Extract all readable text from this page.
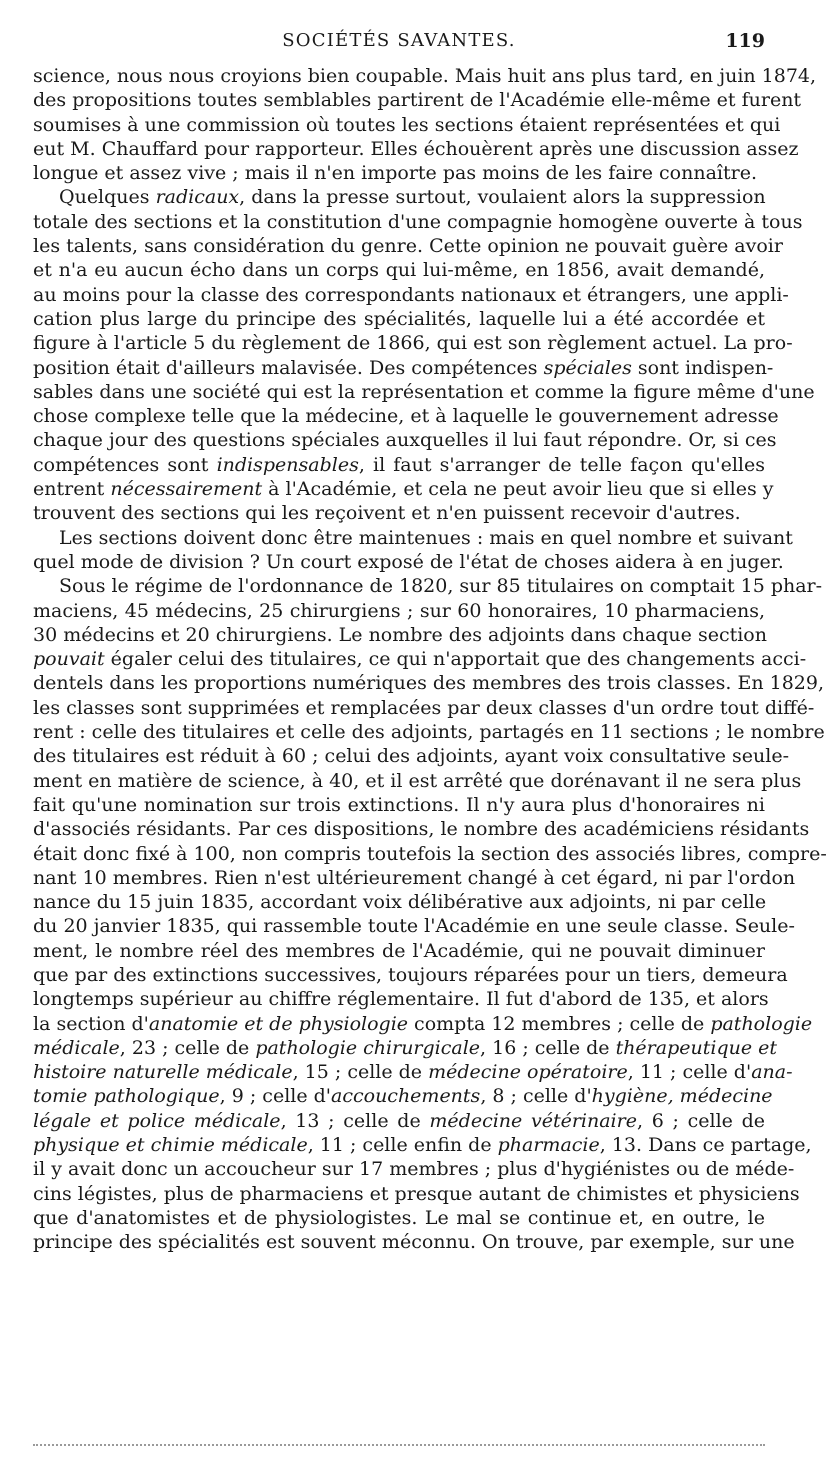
SOCIÉTÉS SAVANTES.	119
science, nous nous croyions bien coupable. Mais huit ans plus tard, en juin 1874,
des propositions toutes semblables partirent de l'Académie elle-même et furent
soumises à une commission où toutes les sections étaient représentées et qui
eut M. Chauffard pour rapporteur. Elles échouèrent après une discussion assez
longue et assez vive ; mais il n'en importe pas moins de les faire connaître.
Quelques radicaux, dans la presse surtout, voulaient alors la suppression
totale des sections et la constitution d'une compagnie homogène ouverte à tous
les talents, sans considération du genre. Cette opinion ne pouvait guère avoir
et n'a eu aucun écho dans un corps qui lui-même, en 1856, avait demandé,
au moins pour la classe des correspondants nationaux et étrangers, une appli-
cation plus large du principe des spécialités, laquelle lui a été accordée et
figure à l'article 5 du règlement de 1866, qui est son règlement actuel. La pro-
position était d'ailleurs malavisée. Des compétences spéciales sont indispen-
sables dans une société qui est la représentation et comme la figure même d'une
chose complexe telle que la médecine, et à laquelle le gouvernement adresse
chaque jour des questions spéciales auxquelles il lui faut répondre. Or, si ces
compétences sont indispensables, il faut s'arranger de telle façon qu'elles
entrent nécessairement à l'Académie, et cela ne peut avoir lieu que si elles y
trouvent des sections qui les reçoivent et n'en puissent recevoir d'autres.
Les sections doivent donc être maintenues : mais en quel nombre et suivant
quel mode de division ? Un court exposé de l'état de choses aidera à en juger.
Sous le régime de l'ordonnance de 1820, sur 85 titulaires on comptait 15 phar-
maciens, 45 médecins, 25 chirurgiens ; sur 60 honoraires, 10 pharmaciens,
30 médecins et 20 chirurgiens. Le nombre des adjoints dans chaque section
pouvait égaler celui des titulaires, ce qui n'apportait que des changements acci-
dentels dans les proportions numériques des membres des trois classes. En 1829,
les classes sont supprimées et remplacées par deux classes d'un ordre tout diffé-
rent : celle des titulaires et celle des adjoints, partagés en 11 sections ; le nombre
des titulaires est réduit à 60 ; celui des adjoints, ayant voix consultative seule-
ment en matière de science, à 40, et il est arrêté que dorénavant il ne sera plus
fait qu'une nomination sur trois extinctions. Il n'y aura plus d'honoraires ni
d'associés résidants. Par ces dispositions, le nombre des académiciens résidants
était donc fixé à 100, non compris toutefois la section des associés libres, compre-
nant 10 membres. Rien n'est ultérieurement changé à cet égard, ni par l'ordon
nance du 15 juin 1835, accordant voix délibérative aux adjoints, ni par celle
du 20 janvier 1835, qui rassemble toute l'Académie en une seule classe. Seule-
ment, le nombre réel des membres de l'Académie, qui ne pouvait diminuer
que par des extinctions successives, toujours réparées pour un tiers, demeura
longtemps supérieur au chiffre réglementaire. Il fut d'abord de 135, et alors
la section d'anatomie et de physiologie compta 12 membres ; celle de pathologie
médicale, 23 ; celle de pathologie chirurgicale, 16 ; celle de thérapeutique et
histoire naturelle médicale, 15 ; celle de médecine opératoire, 11 ; celle d'ana-
tomie pathologique, 9 ; celle d'accouchements, 8 ; celle d'hygiène, médecine
légale et police médicale, 13 ; celle de médecine vétérinaire, 6 ; celle de
physique et chimie médicale, 11 ; celle enfin de pharmacie, 13. Dans ce partage,
il y avait donc un accoucheur sur 17 membres ; plus d'hygiénistes ou de méde-
cins légistes, plus de pharmaciens et presque autant de chimistes et physiciens
que d'anatomistes et de physiologistes. Le mal se continue et, en outre, le
principe des spécialités est souvent méconnu. On trouve, par exemple, sur une
